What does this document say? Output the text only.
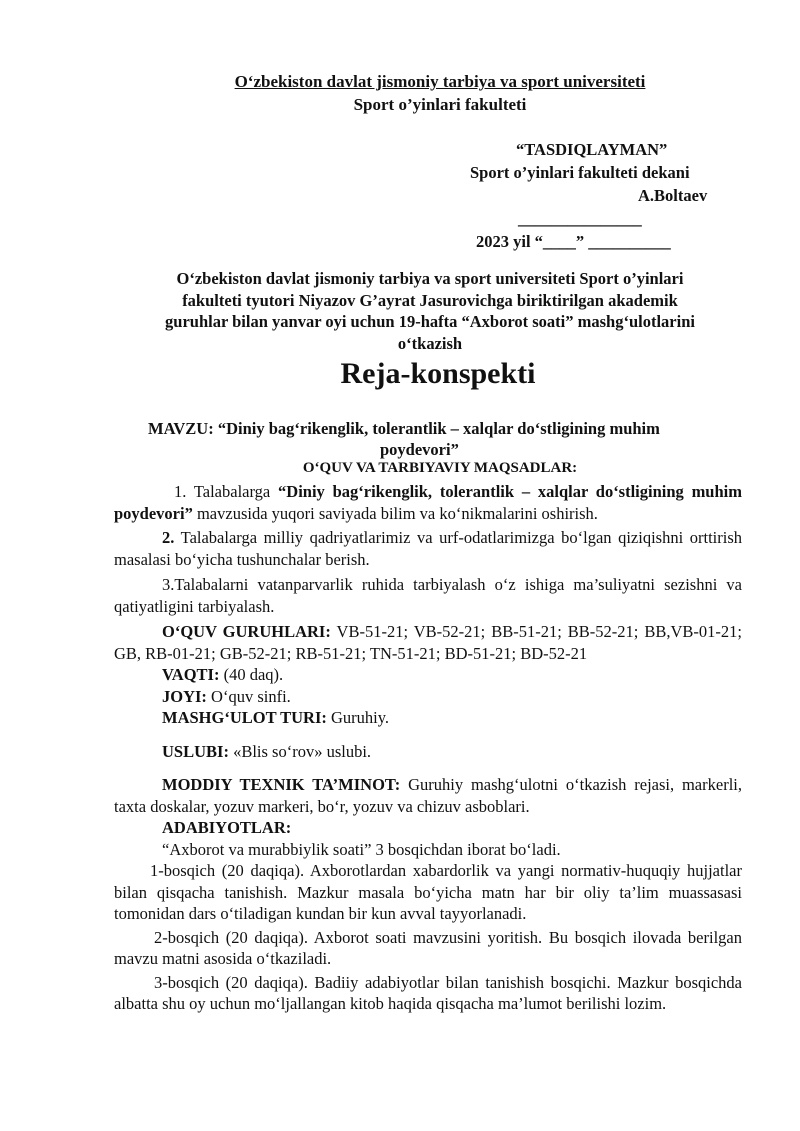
O‘zbekiston davlat jismoniy tarbiya va sport universiteti
Sport o’yinlari fakulteti
“TASDIQLAYMAN”
Sport o’yinlari fakulteti dekani
A.Boltaev
_______________
2023 yil “____” __________
O‘zbekiston davlat jismoniy tarbiya va sport universiteti Sport o’yinlari
fakulteti tyutori Niyazov G’ayrat Jasurovichga biriktirilgan akademik
guruhlar bilan yanvar oyi uchun 19-hafta “Axborot soati” mashg‘ulotlarini
o‘tkazish
Reja-konspekti
MAVZU: “Diniy bag‘rikenglik, tolerantlik – xalqlar do‘stligining muhim
poydevori”
O‘QUV VA TARBIYAVIY MAQSADLAR:

1. Talabalarga “Diniy bag‘rikenglik, tolerantlik – xalqlar do‘stligining muhim poydevori” mavzusida yuqori saviyada bilim va ko‘nikmalarini oshirish.

2. Talabalarga milliy qadriyatlarimiz va urf-odatlarimizga bo‘lgan qiziqishni orttirish masalasi bo‘yicha tushunchalar berish.

3.Talabalarni vatanparvarlik ruhida tarbiyalash o‘z ishiga ma’suliyatni sezishni va qatiyatligini tarbiyalash.

O‘QUV GURUHLARI: VB-51-21; VB-52-21; BB-51-21; BB-52-21; BB,VB-01-21; GB, RB-01-21; GB-52-21; RB-51-21; TN-51-21; BD-51-21; BD-52-21

VAQTI: (40 daq).

JOYI: O‘quv sinfi.

MASHG‘ULOT TURI: Guruhiy.

USLUBI: «Blis so‘rov» uslubi.

MODDIY TEXNIK TA’MINOT: Guruhiy mashg‘ulotni o‘tkazish rejasi, markerli, taxta doskalar, yozuv markeri, bo‘r, yozuv va chizuv asboblari.

ADABIYOTLAR:

“Axborot va murabbiylik soati” 3 bosqichdan iborat bo‘ladi.

1-bosqich (20 daqiqa). Axborotlardan xabardorlik va yangi normativ-huquqiy hujjatlar bilan qisqacha tanishish. Mazkur masala bo‘yicha matn har bir oliy ta’lim muassasasi tomonidan dars o‘tiladigan kundan bir kun avval tayyorlanadi.

2-bosqich (20 daqiqa). Axborot soati mavzusini yoritish. Bu bosqich ilovada berilgan mavzu matni asosida o‘tkaziladi.

3-bosqich (20 daqiqa). Badiiy adabiyotlar bilan tanishish bosqichi. Mazkur bosqichda albatta shu oy uchun mo‘ljallangan kitob haqida qisqacha ma’lumot berilishi lozim.
